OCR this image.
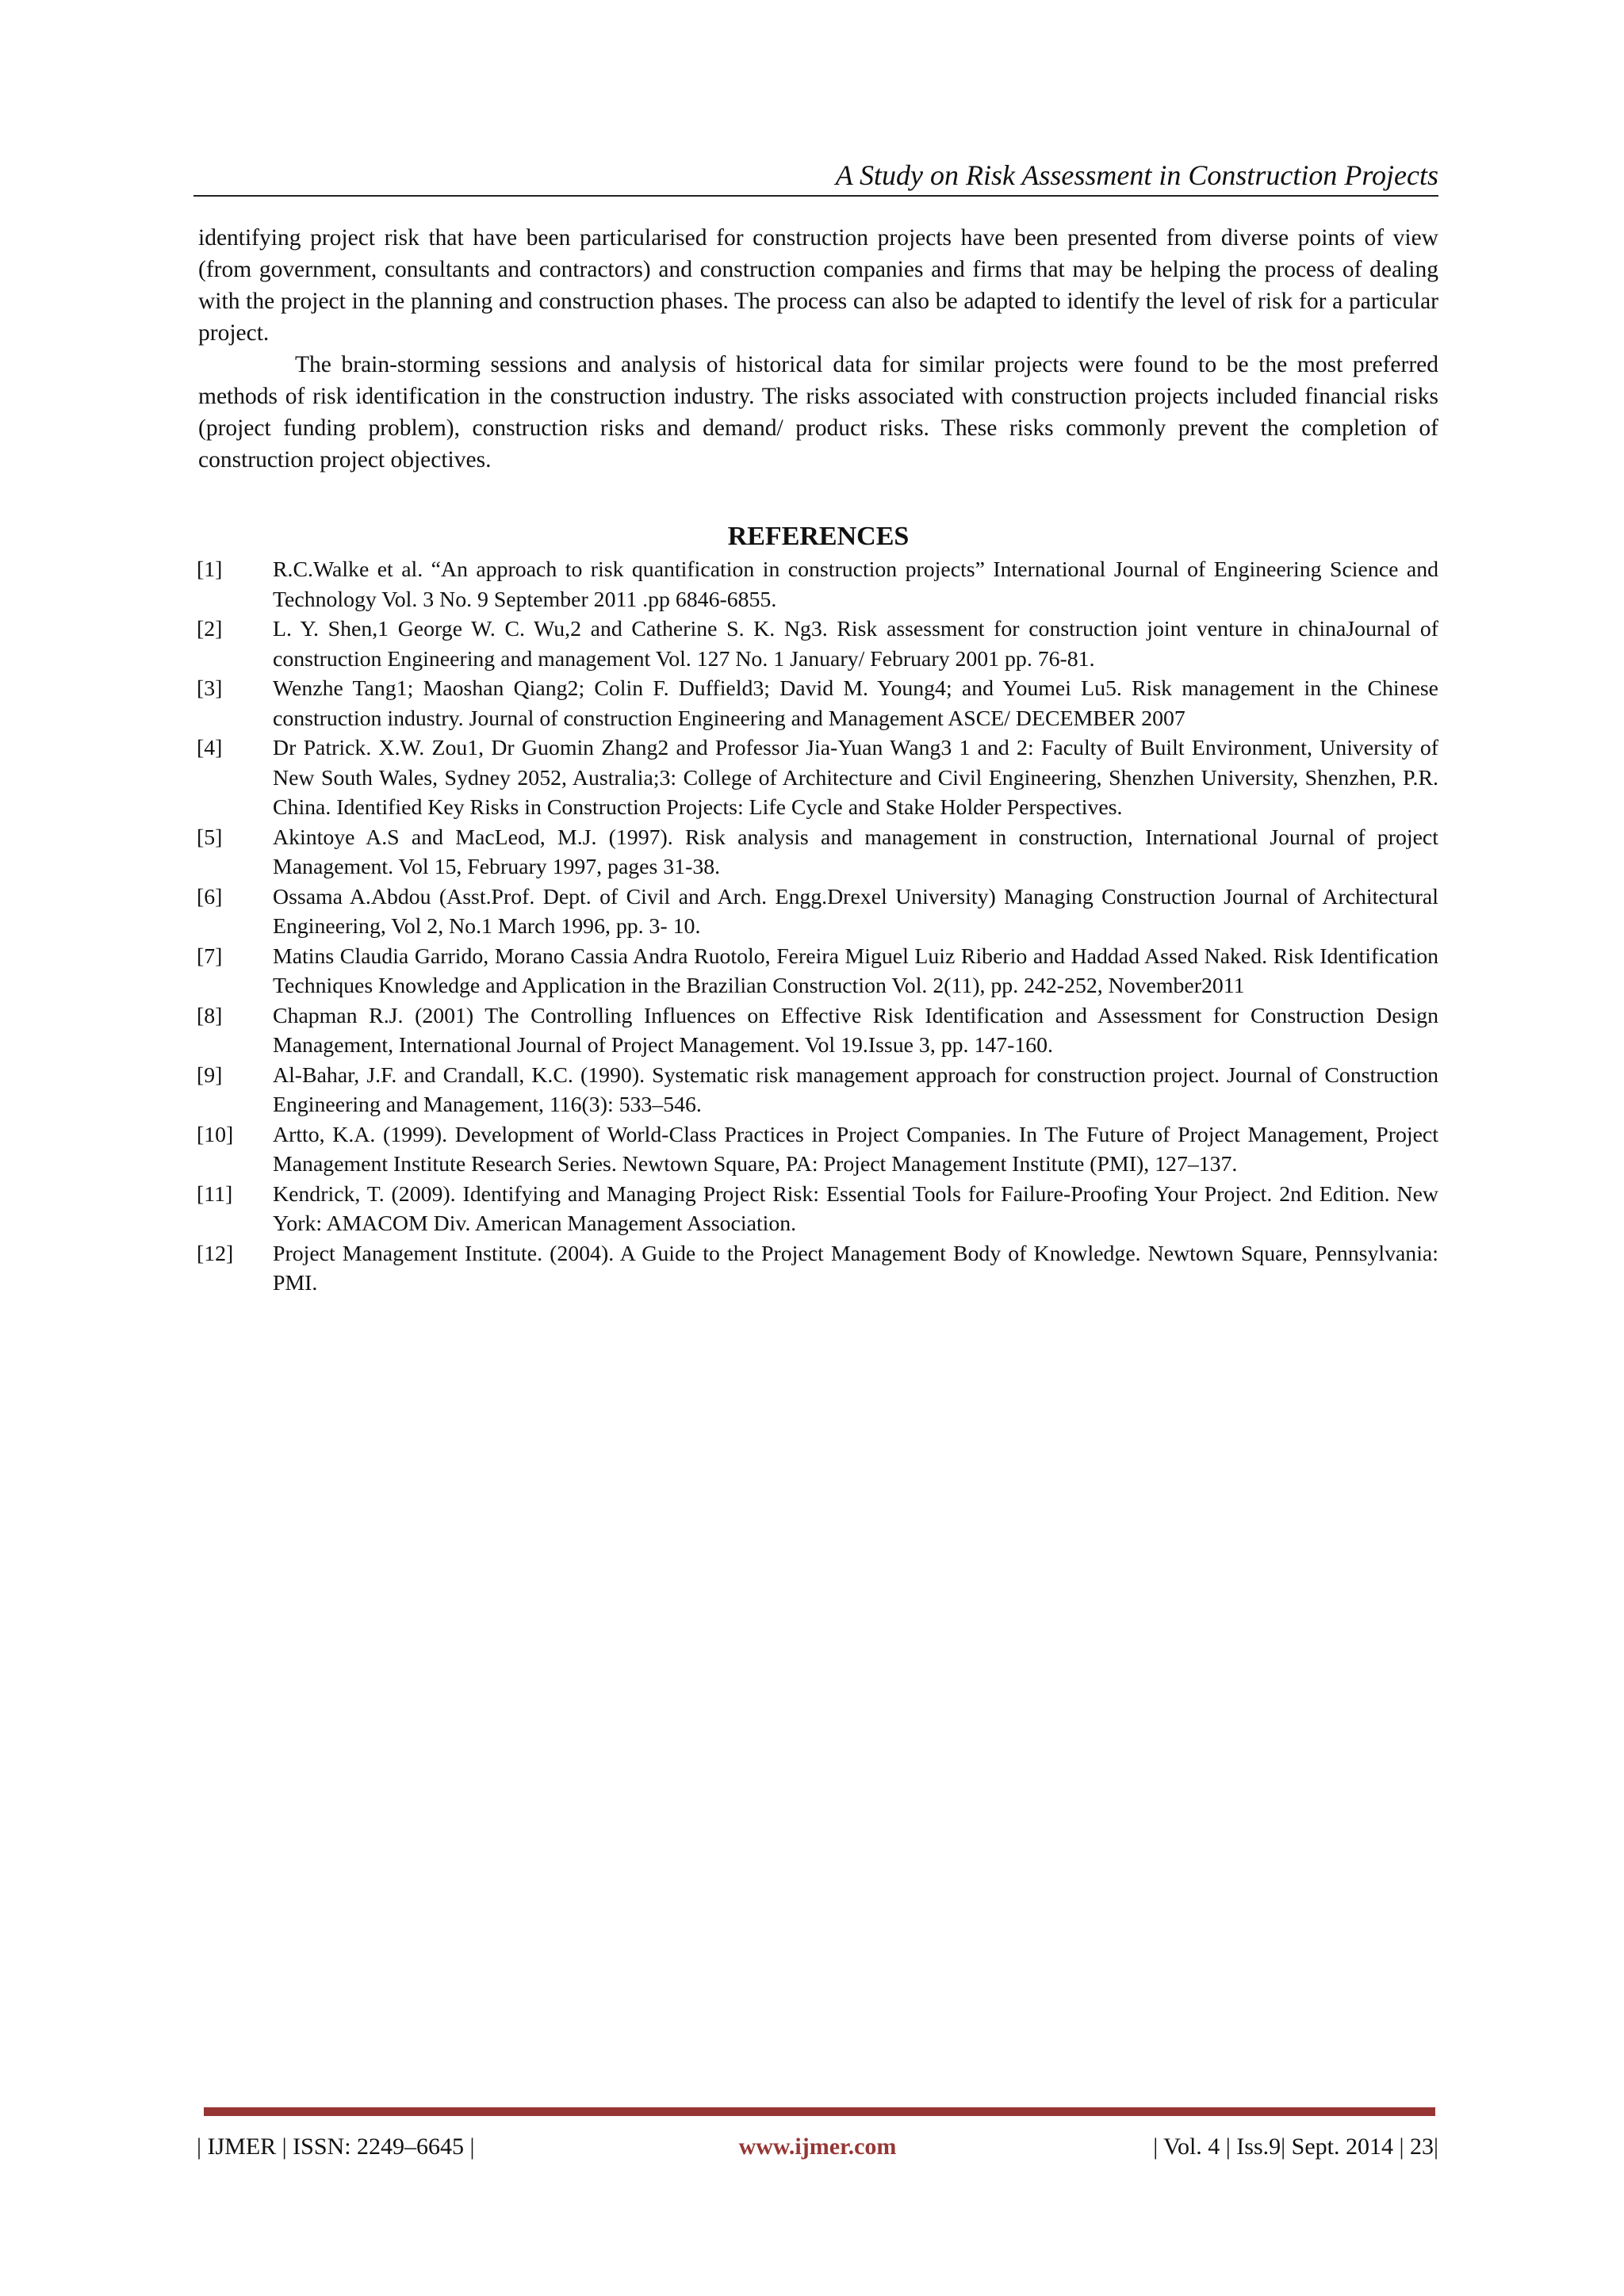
A Study on Risk Assessment in Construction Projects

identifying project risk that have been particularised for construction projects have been presented from diverse points of view (from government, consultants and contractors) and construction companies and firms that may be helping the process of dealing with the project in the planning and construction phases. The process can also be adapted to identify the level of risk for a particular project.

The brain-storming sessions and analysis of historical data for similar projects were found to be the most preferred methods of risk identification in the construction industry. The risks associated with construction projects included financial risks (project funding problem), construction risks and demand/ product risks. These risks commonly prevent the completion of construction project objectives.

REFERENCES
[1] R.C.Walke et al. “An approach to risk quantification in construction projects” International Journal of Engineering Science and Technology Vol. 3 No. 9 September 2011 .pp 6846-6855.
[2] L. Y. Shen,1 George W. C. Wu,2 and Catherine S. K. Ng3. Risk assessment for construction joint venture in chinaJournal of construction Engineering and management Vol. 127 No. 1 January/ February 2001 pp. 76-81.
[3] Wenzhe Tang1; Maoshan Qiang2; Colin F. Duffield3; David M. Young4; and Youmei Lu5. Risk management in the Chinese construction industry. Journal of construction Engineering and Management ASCE/ DECEMBER 2007
[4] Dr Patrick. X.W. Zou1, Dr Guomin Zhang2 and Professor Jia-Yuan Wang3 1 and 2: Faculty of Built Environment, University of New South Wales, Sydney 2052, Australia;3: College of Architecture and Civil Engineering, Shenzhen University, Shenzhen, P.R. China. Identified Key Risks in Construction Projects: Life Cycle and Stake Holder Perspectives.
[5] Akintoye A.S and MacLeod, M.J. (1997). Risk analysis and management in construction, International Journal of project Management. Vol 15, February 1997, pages 31-38.
[6] Ossama A.Abdou (Asst.Prof. Dept. of Civil and Arch. Engg.Drexel University) Managing Construction Journal of Architectural Engineering, Vol 2, No.1 March 1996, pp. 3- 10.
[7] Matins Claudia Garrido, Morano Cassia Andra Ruotolo, Fereira Miguel Luiz Riberio and Haddad Assed Naked. Risk Identification Techniques Knowledge and Application in the Brazilian Construction Vol. 2(11), pp. 242-252, November2011
[8] Chapman R.J. (2001) The Controlling Influences on Effective Risk Identification and Assessment for Construction Design Management, International Journal of Project Management. Vol 19.Issue 3, pp. 147-160.
[9] Al-Bahar, J.F. and Crandall, K.C. (1990). Systematic risk management approach for construction project. Journal of Construction Engineering and Management, 116(3): 533–546.
[10] Artto, K.A. (1999). Development of World-Class Practices in Project Companies. In The Future of Project Management, Project Management Institute Research Series. Newtown Square, PA: Project Management Institute (PMI), 127–137.
[11] Kendrick, T. (2009). Identifying and Managing Project Risk: Essential Tools for Failure-Proofing Your Project. 2nd Edition. New York: AMACOM Div. American Management Association.
[12] Project Management Institute. (2004). A Guide to the Project Management Body of Knowledge. Newtown Square, Pennsylvania: PMI.
| IJMER | ISSN: 2249–6645 |	www.ijmer.com	| Vol. 4 | Iss.9| Sept. 2014 | 23|
